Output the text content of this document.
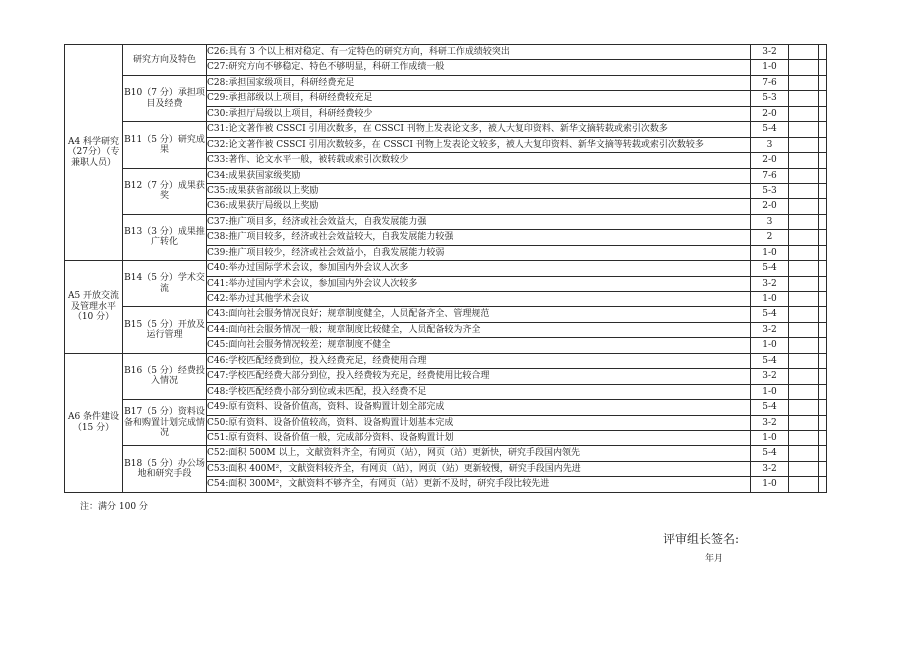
A4 科学研究（27分）（专兼职人员）	研究方向及特色	C26:具有 3 个以上相对稳定、有一定特色的研究方向，科研工作成绩较突出	3-2		
		C27:研究方向不够稳定、特色不够明显，科研工作成绩一般	1-0		
	B10（7 分）承担项目及经费	C28:承担国家级项目，科研经费充足	7-6		
		C29:承担部级以上项目，科研经费较充足	5-3		
		C30:承担厅局级以上项目，科研经费较少	2-0		
	B11（5 分）研究成果	C31:论文著作被 CSSCI 引用次数多，在 CSSCI 刊物上发表论文多，被人大复印资料、新华文摘转载或索引次数多	5-4		
		C32:论文著作被 CSSCI 引用次数较多，在 CSSCI 刊物上发表论文较多，被人大复印资料、新华文摘等转载或索引次数较多	3		
		C33:著作、论文水平一般，被转载或索引次数较少	2-0		
	B12（7 分）成果获奖	C34:成果获国家级奖励	7-6		
		C35:成果获省部级以上奖励	5-3		
		C36:成果获厅局级以上奖励	2-0		
	B13（3 分）成果推广转化	C37:推广项目多，经济或社会效益大，自我发展能力强	3		
		C38:推广项目较多，经济或社会效益较大，自我发展能力较强	2		
		C39:推广项目较少，经济或社会效益小，自我发展能力较弱	1-0		
A5 开放交流及管理水平（10 分）	B14（5 分）学术交流	C40:举办过国际学术会议，参加国内外会议人次多	5-4		
		C41:举办过国内学术会议，参加国内外会议人次较多	3-2		
		C42:举办过其他学术会议	1-0		
	B15（5 分）开放及运行管理	C43:面向社会服务情况良好；规章制度健全，人员配备齐全、管理规范	5-4		
		C44:面向社会服务情况一般；规章制度比较健全，人员配备较为齐全	3-2		
		C45:面向社会服务情况较差；规章制度不健全	1-0		
A6 条件建设（15 分）	B16（5 分）经费投入情况	C46:学校匹配经费到位，投入经费充足，经费使用合理	5-4		
		C47:学校匹配经费大部分到位，投入经费较为充足，经费使用比较合理	3-2		
		C48:学校匹配经费小部分到位或未匹配，投入经费不足	1-0		
	B17（5 分）资料设备和购置计划完成情况	C49:原有资料、设备价值高，资料、设备购置计划全部完成	5-4		
		C50:原有资料、设备价值较高，资料、设备购置计划基本完成	3-2		
		C51:原有资料、设备价值一般，完成部分资料、设备购置计划	1-0		
	B18（5 分）办公场地和研究手段	C52:面积 500M 以上，文献资料齐全，有网页（站），网页（站）更新快，研究手段国内领先	5-4		
		C53:面积 400M²，文献资料较齐全，有网页（站），网页（站）更新较慢，研究手段国内先进	3-2		
		C54:面积 300M²，文献资料不够齐全，有网页（站）更新不及时，研究手段比较先进	1-0		
注：满分 100 分
评审组长签名:
年月
